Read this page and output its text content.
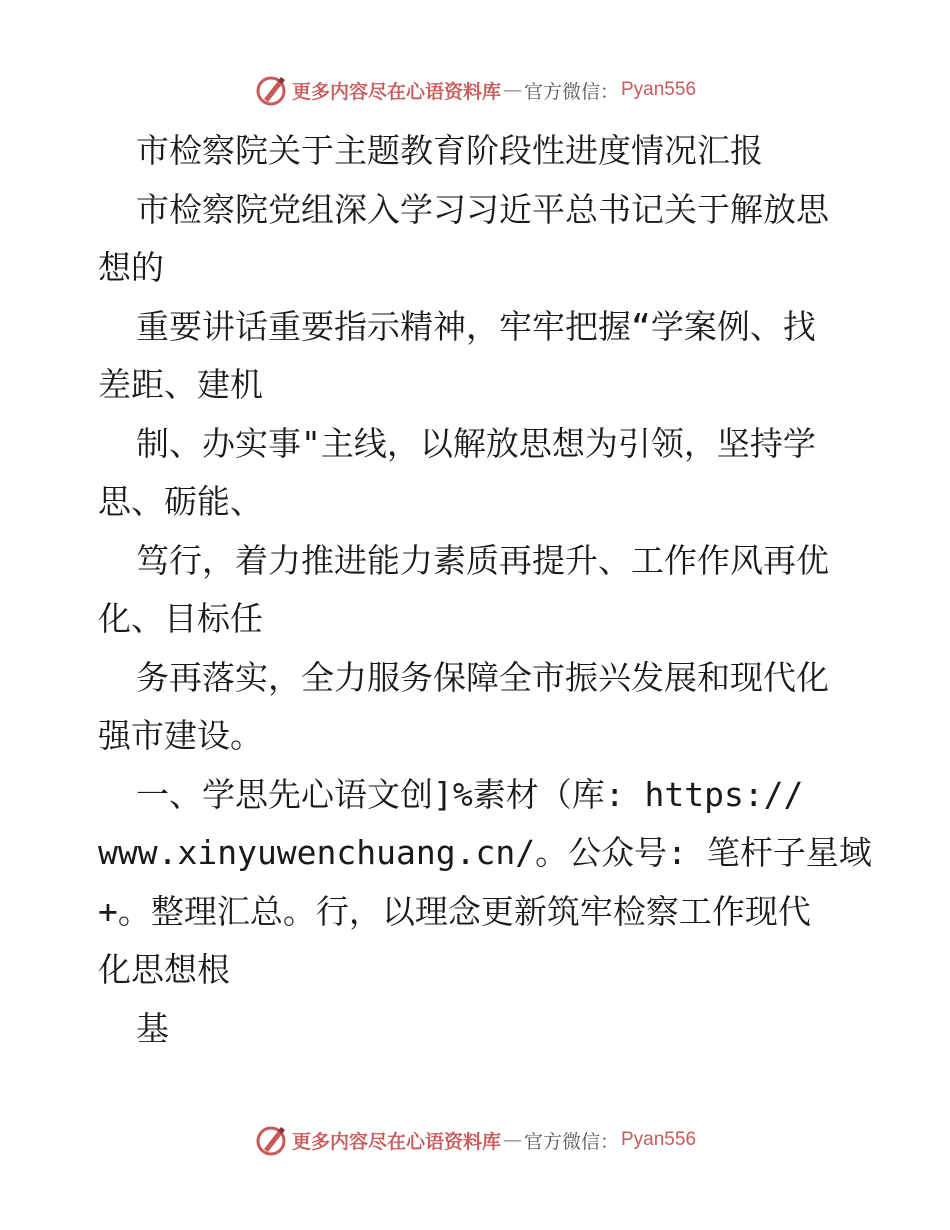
更多内容尽在心语资料库 — 官方微信： Pyan556

市检察院关于主题教育阶段性进度情况汇报

市检察院党组深入学习习近平总书记关于解放思

想的

重要讲话重要指示精神，牢牢把握“学案例、找

差距、建机

制、办实事"主线，以解放思想为引领，坚持学

思、砺能、

笃行，着力推进能力素质再提升、工作作风再优

化、目标任

务再落实，全力服务保障全市振兴发展和现代化

强市建设。

一、学思先心语文创]%素材（库: https://

www.xinyuwenchuang.cn/。公众号: 笔杆子星域

+。整理汇总。行，以理念更新筑牢检察工作现代

化思想根

基

更多内容尽在心语资料库 — 官方微信： Pyan556
